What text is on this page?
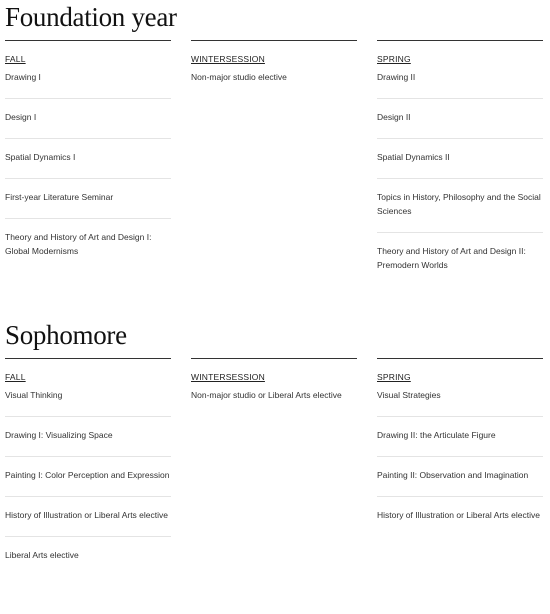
Foundation year
FALL
Drawing I
Design I
Spatial Dynamics I
First-year Literature Seminar
Theory and History of Art and Design I: Global Modernisms
WINTERSESSION
Non-major studio elective
SPRING
Drawing II
Design II
Spatial Dynamics II
Topics in History, Philosophy and the Social Sciences
Theory and History of Art and Design II: Premodern Worlds
Sophomore
FALL
Visual Thinking
Drawing I: Visualizing Space
Painting I: Color Perception and Expression
History of Illustration or Liberal Arts elective
Liberal Arts elective
WINTERSESSION
Non-major studio or Liberal Arts elective
SPRING
Visual Strategies
Drawing II: the Articulate Figure
Painting II: Observation and Imagination
History of Illustration or Liberal Arts elective
